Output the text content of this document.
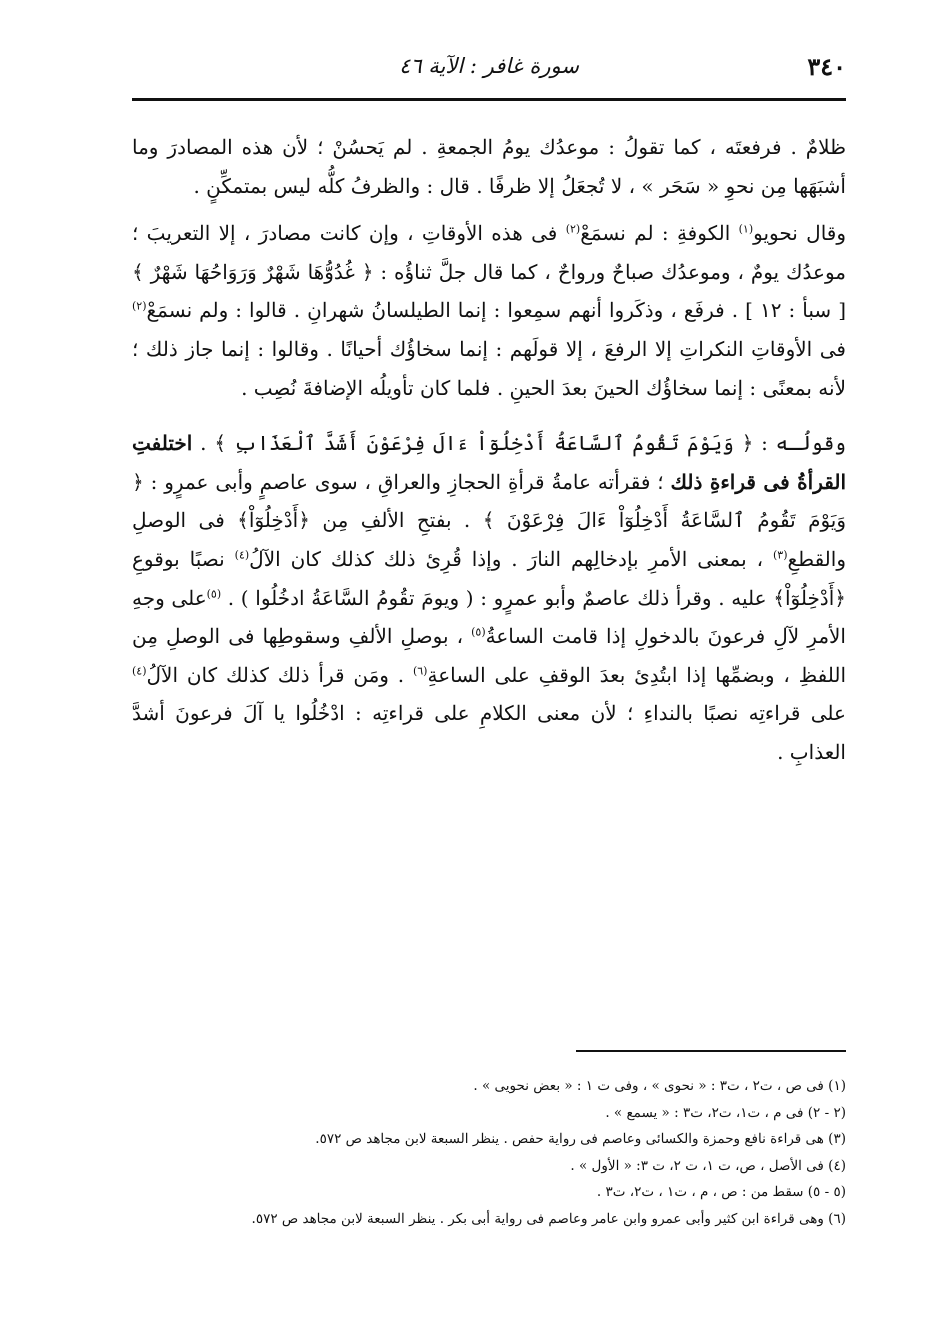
٣٤٠
سورة غافر : الآية ٤٦

ظلامٌ . فرفعتَه ، كما تقولُ : موعدُك يومُ الجمعةِ . لم يَحسُنْ ؛ لأن هذه المصادرَ وما أشبَهَها مِن نحوِ « سَحَر » ، لا تُجعَلُ إلا ظرفًا . قال : والظرفُ كلُّه ليس بمتمكِّنٍ .

وقال نحويو$^{(١)}$ الكوفةِ : لم نسمَعْ$^{(٢)}$ فى هذه الأوقاتِ ، وإن كانت مصادرَ ، إلا التعريبَ ؛ موعدُك يومٌ ، وموعدُك صباحٌ ورواحٌ ، كما قال جلَّ ثناؤُه : ﴿ غُدُوُّهَا شَهْرٌ وَرَوَاحُهَا شَهْرٌ ﴾ [ سبأ : ١٢ ] . فرفَع ، وذكَروا أنهم سمِعوا : إنما الطيلسانُ شهرانِ . قالوا : ولم نسمَعْ$^{(٢)}$ فى الأوقاتِ النكراتِ إلا الرفعَ ، إلا قولَهم : إنما سخاؤُك أحيانًا . وقالوا : إنما جاز ذلك ؛ لأنه بمعنًى : إنما سخاؤُك الحينَ بعدَ الحينِ . فلما كان تأويلُه الإضافةَ نُصِب .

وقولُـه : ﴿ وَيَوْمَ تَقُومُ ٱلسَّاعَةُ أَدْخِلُوٓاْ ءَالَ فِرْعَوْنَ أَشَدَّ ٱلْعَذَابِ ﴾ . اختلفتِ القرأةُ فى قراءةِ ذلك ؛ فقرأته عامةُ قرأةِ الحجازِ والعراقِ ، سوى عاصمٍ وأبى عمرٍو : ﴿ وَيَوْمَ تَقُومُ ٱلسَّاعَةُ أَدْخِلُوٓاْ ءَالَ فِرْعَوْنَ ﴾ . بفتحِ الألفِ مِن ﴿أَدْخِلُوٓاْ﴾ فى الوصلِ والقطعِ$^{(٣)}$ ، بمعنى الأمرِ بإدخالِهم النارَ . وإذا قُرِئ ذلك كذلك كان الآلُ$^{(٤)}$ نصبًا بوقوعِ ﴿أَدْخِلُوٓاْ﴾ عليه . وقرأ ذلك عاصمٌ وأبو عمرٍو : ( ويومَ تقُومُ السَّاعَةُ ادخُلُوا ) . $^{(٥)}$على وجهِ الأمرِ لآلِ فرعونَ بالدخولِ إذا قامت الساعةُ$^{(٥)}$ ، بوصلِ الألفِ وسقوطِها فى الوصلِ مِن اللفظِ ، وبضمِّها إذا ابتُدِئ بعدَ الوقفِ على الساعةِ$^{(٦)}$ . ومَن قرأ ذلك كذلك كان الآلُ$^{(٤)}$ على قراءتِه نصبًا بالنداءِ ؛ لأن معنى الكلامِ على قراءتِه : ادْخُلُوا يا آلَ فرعونَ أشدَّ العذابِ .

(١) فى ص ، ت٢ ، ت٣ : « نحوى » ، وفى ت ١ : « بعض نحويى » .
(٢ - ٢) فى م ، ت١، ت٢، ت٣ : « يسمع » .
(٣) هى قراءة نافع وحمزة والكسائى وعاصم فى رواية حفص . ينظر السبعة لابن مجاهد ص ٥٧٢.
(٤) فى الأصل ، ص، ت ١، ت ٢، ت ٣: « الأول » .
(٥ - ٥) سقط من : ص ، م ، ت١ ، ت٢، ت٣ .
(٦) وهى قراءة ابن كثير وأبى عمرو وابن عامر وعاصم فى رواية أبى بكر . ينظر السبعة لابن مجاهد ص ٥٧٢.
